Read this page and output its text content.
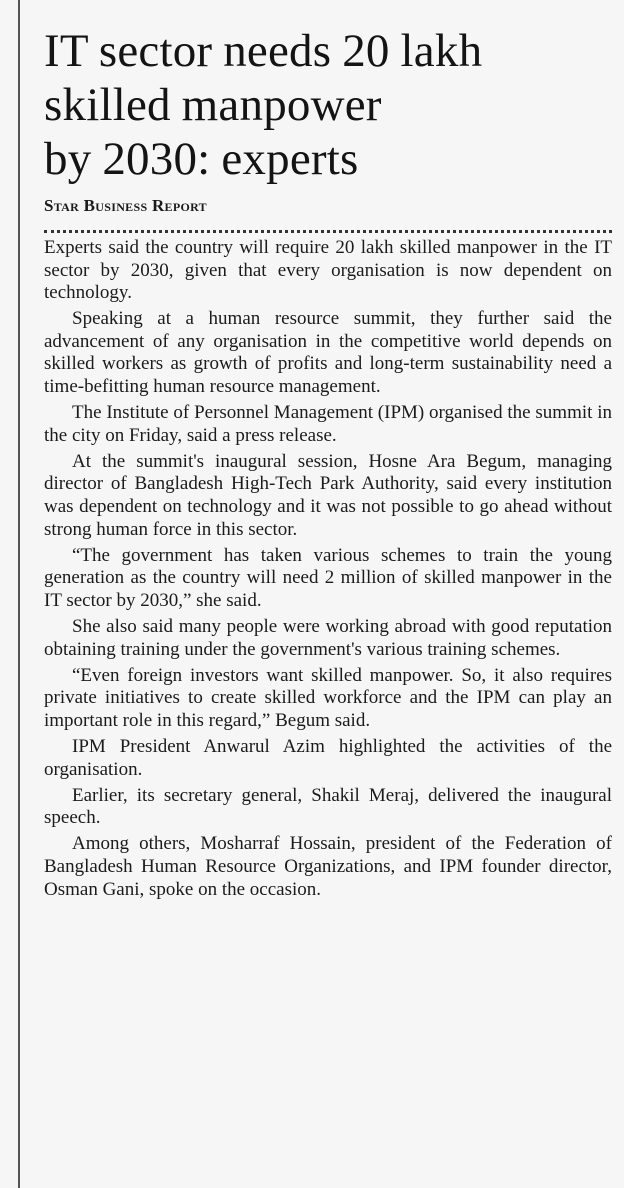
IT sector needs 20 lakh
skilled manpower
by 2030: experts
Star Business Report

Experts said the country will require 20 lakh skilled manpower in the IT sector by 2030, given that every organisation is now dependent on technology.

Speaking at a human resource summit, they further said the advancement of any organisation in the competitive world depends on skilled workers as growth of profits and long-term sustainability need a time-befitting human resource management.

The Institute of Personnel Management (IPM) organised the summit in the city on Friday, said a press release.

At the summit's inaugural session, Hosne Ara Begum, managing director of Bangladesh High-Tech Park Authority, said every institution was dependent on technology and it was not possible to go ahead without strong human force in this sector.

“The government has taken various schemes to train the young generation as the country will need 2 million of skilled manpower in the IT sector by 2030,” she said.

She also said many people were working abroad with good reputation obtaining training under the government's various training schemes.

“Even foreign investors want skilled manpower. So, it also requires private initiatives to create skilled workforce and the IPM can play an important role in this regard,” Begum said.

IPM President Anwarul Azim highlighted the activities of the organisation.

Earlier, its secretary general, Shakil Meraj, delivered the inaugural speech.

Among others, Mosharraf Hossain, president of the Federation of Bangladesh Human Resource Organizations, and IPM founder director, Osman Gani, spoke on the occasion.
